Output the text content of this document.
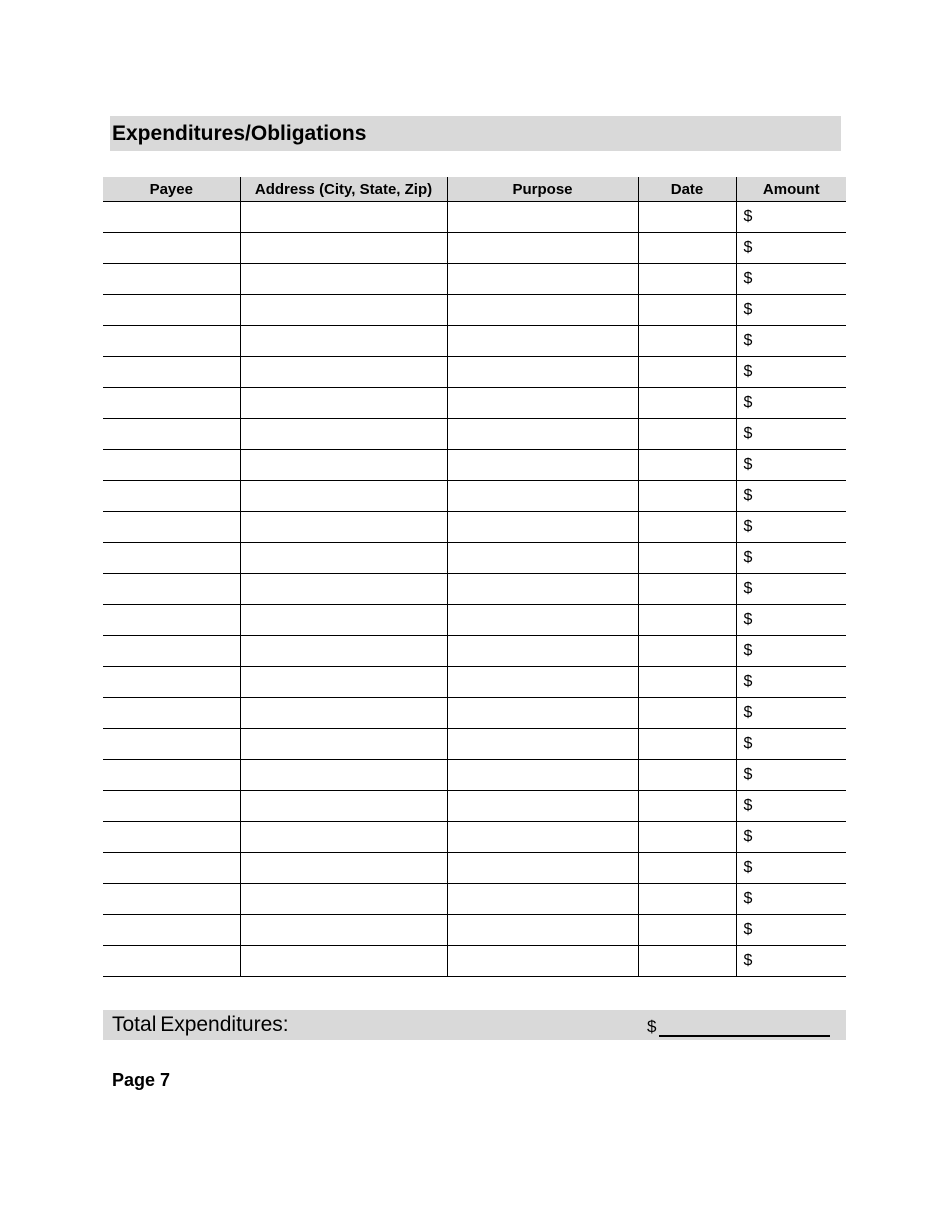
Expenditures/Obligations
Payee	Address (City, State, Zip)	Purpose	Date	Amount
				$
				$
				$
				$
				$
				$
				$
				$
				$
				$
				$
				$
				$
				$
				$
				$
				$
				$
				$
				$
				$
				$
				$
				$
				$
Total Expenditures:	$
Page 7
